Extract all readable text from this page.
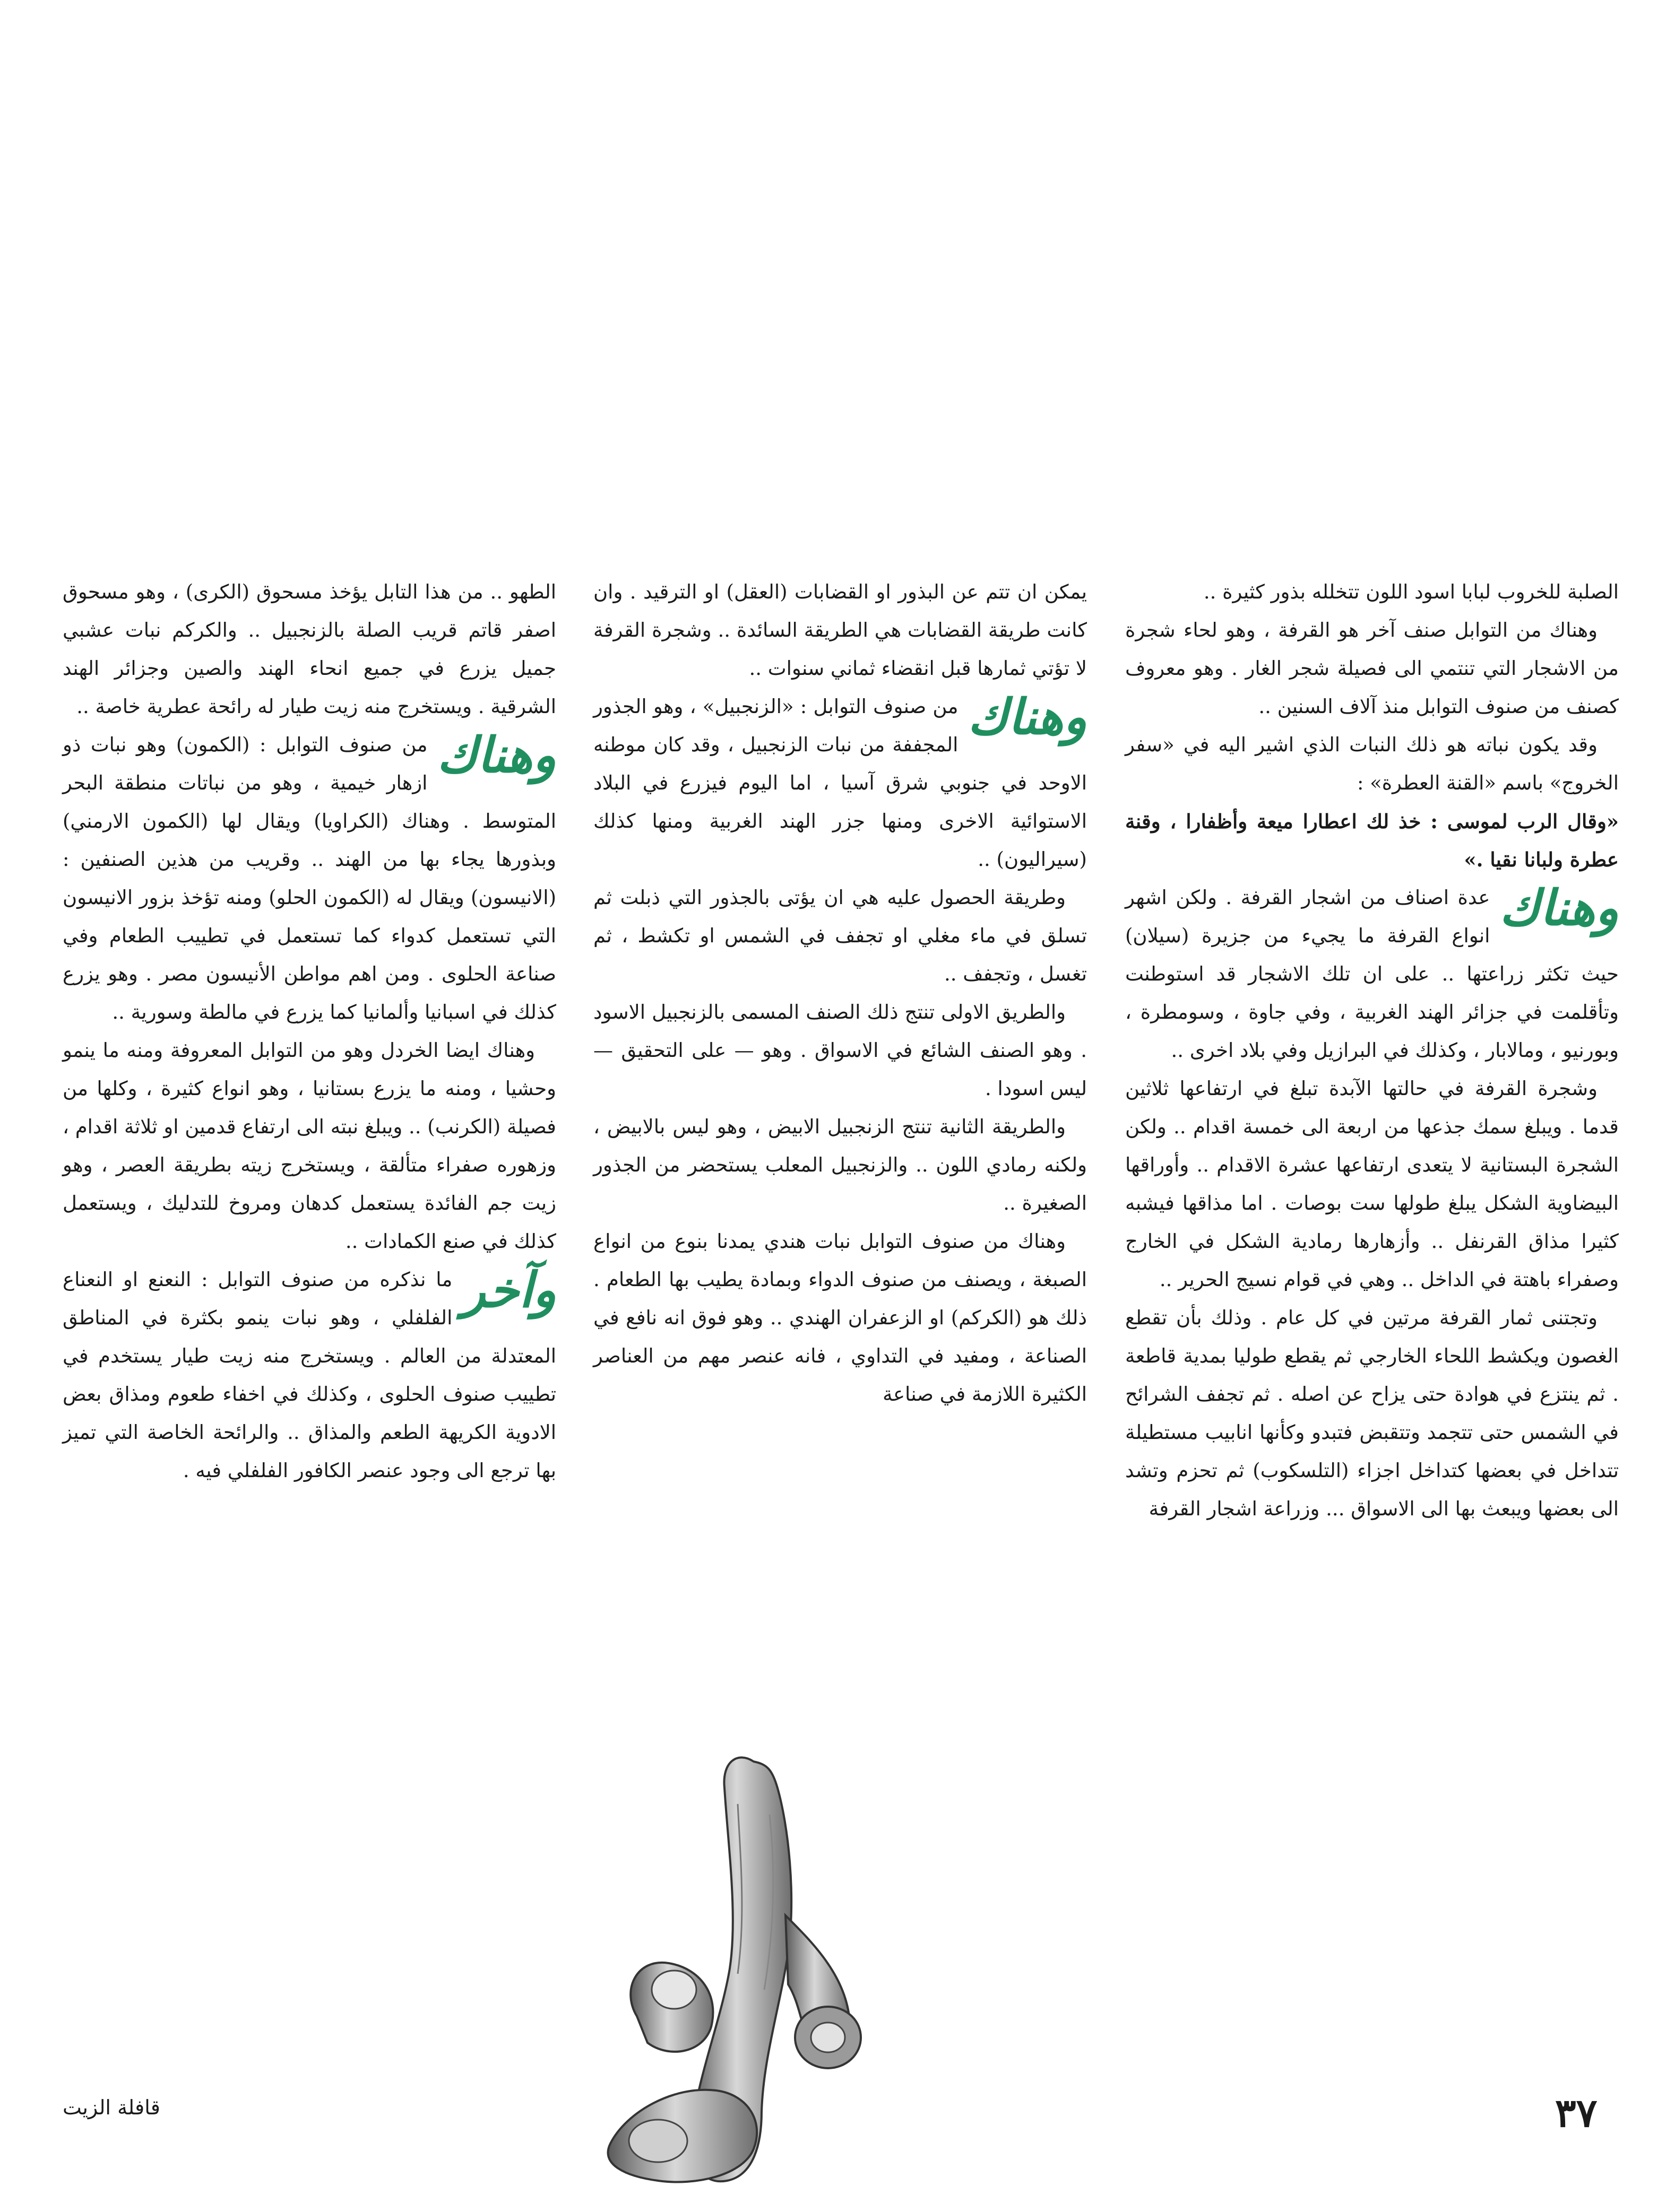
الصلبة للخروب لبابا اسود اللون تتخلله بذور كثيرة ..

وهناك من التوابل صنف آخر هو القرفة ، وهو لحاء شجرة من الاشجار التي تنتمي الى فصيلة شجر الغار . وهو معروف كصنف من صنوف التوابل منذ آلاف السنين ..

وقد يكون نباته هو ذلك النبات الذي اشير اليه في «سفر الخروج» باسم «القنة العطرة» :

«وقال الرب لموسى : خذ لك اعطارا ميعة وأظفارا ، وقنة عطرة ولبانا نقيا .»

وهناك
عدة اصناف من اشجار القرفة . ولكن اشهر انواع القرفة ما يجيء من جزيرة (سيلان) حيث تكثر زراعتها .. على ان تلك الاشجار قد استوطنت وتأقلمت في جزائر الهند الغربية ، وفي جاوة ، وسومطرة ، وبورنيو ، ومالابار ، وكذلك في البرازيل وفي بلاد اخرى ..

وشجرة القرفة في حالتها الآبدة تبلغ في ارتفاعها ثلاثين قدما . ويبلغ سمك جذعها من اربعة الى خمسة اقدام .. ولكن الشجرة البستانية لا يتعدى ارتفاعها عشرة الاقدام .. وأوراقها البيضاوية الشكل يبلغ طولها ست بوصات . اما مذاقها فيشبه كثيرا مذاق القرنفل .. وأزهارها رمادية الشكل في الخارج وصفراء باهتة في الداخل .. وهي في قوام نسيج الحرير ..

وتجتنى ثمار القرفة مرتين في كل عام . وذلك بأن تقطع الغصون ويكشط اللحاء الخارجي ثم يقطع طوليا بمدية قاطعة . ثم ينتزع في هوادة حتى يزاح عن اصله . ثم تجفف الشرائح في الشمس حتى تتجمد وتتقبض فتبدو وكأنها انابيب مستطيلة تتداخل في بعضها كتداخل اجزاء (التلسكوب) ثم تحزم وتشد الى بعضها ويبعث بها الى الاسواق ... وزراعة اشجار القرفة

يمكن ان تتم عن البذور او القضابات (العقل) او الترقيد . وان كانت طريقة القضابات هي الطريقة السائدة .. وشجرة القرفة لا تؤتي ثمارها قبل انقضاء ثماني سنوات ..

وهناك
من صنوف التوابل : «الزنجبيل» ، وهو الجذور المجففة من نبات الزنجبيل ، وقد كان موطنه الاوحد في جنوبي شرق آسيا ، اما اليوم فيزرع في البلاد الاستوائية الاخرى ومنها جزر الهند الغربية ومنها كذلك (سيراليون) ..

وطريقة الحصول عليه هي ان يؤتى بالجذور التي ذبلت ثم تسلق في ماء مغلي او تجفف في الشمس او تكشط ، ثم تغسل ، وتجفف ..

والطريق الاولى تنتج ذلك الصنف المسمى بالزنجبيل الاسود . وهو الصنف الشائع في الاسواق . وهو — على التحقيق — ليس اسودا .

والطريقة الثانية تنتج الزنجبيل الابيض ، وهو ليس بالابيض ، ولكنه رمادي اللون .. والزنجبيل المعلب يستحضر من الجذور الصغيرة ..

وهناك من صنوف التوابل نبات هندي يمدنا بنوع من انواع الصبغة ، ويصنف من صنوف الدواء وبمادة يطيب بها الطعام . ذلك هو (الكركم) او الزعفران الهندي .. وهو فوق انه نافع في الصناعة ، ومفيد في التداوي ، فانه عنصر مهم من العناصر الكثيرة اللازمة في صناعة

الطهو .. من هذا التابل يؤخذ مسحوق (الكرى) ، وهو مسحوق اصفر قاتم قريب الصلة بالزنجبيل .. والكركم نبات عشبي جميل يزرع في جميع انحاء الهند والصين وجزائر الهند الشرقية . ويستخرج منه زيت طيار له رائحة عطرية خاصة ..

وهناك
من صنوف التوابل : (الكمون) وهو نبات ذو ازهار خيمية ، وهو من نباتات منطقة البحر المتوسط . وهناك (الكراويا) ويقال لها (الكمون الارمني) وبذورها يجاء بها من الهند .. وقريب من هذين الصنفين : (الانيسون) ويقال له (الكمون الحلو) ومنه تؤخذ بزور الانيسون التي تستعمل كدواء كما تستعمل في تطييب الطعام وفي صناعة الحلوى . ومن اهم مواطن الأنيسون مصر . وهو يزرع كذلك في اسبانيا وألمانيا كما يزرع في مالطة وسورية ..

وهناك ايضا الخردل وهو من التوابل المعروفة ومنه ما ينمو وحشيا ، ومنه ما يزرع بستانيا ، وهو انواع كثيرة ، وكلها من فصيلة (الكرنب) .. ويبلغ نبته الى ارتفاع قدمين او ثلاثة اقدام ، وزهوره صفراء متألقة ، ويستخرج زيته بطريقة العصر ، وهو زيت جم الفائدة يستعمل كدهان ومروخ للتدليك ، ويستعمل كذلك في صنع الكمادات ..

وآخر
ما نذكره من صنوف التوابل : النعنع او النعناع الفلفلي ، وهو نبات ينمو بكثرة في المناطق المعتدلة من العالم . ويستخرج منه زيت طيار يستخدم في تطييب صنوف الحلوى ، وكذلك في اخفاء طعوم ومذاق بعض الادوية الكريهة الطعم والمذاق .. والرائحة الخاصة التي تميز بها ترجع الى وجود عنصر الكافور الفلفلي فيه .

٣٧
قافلة الزيت
